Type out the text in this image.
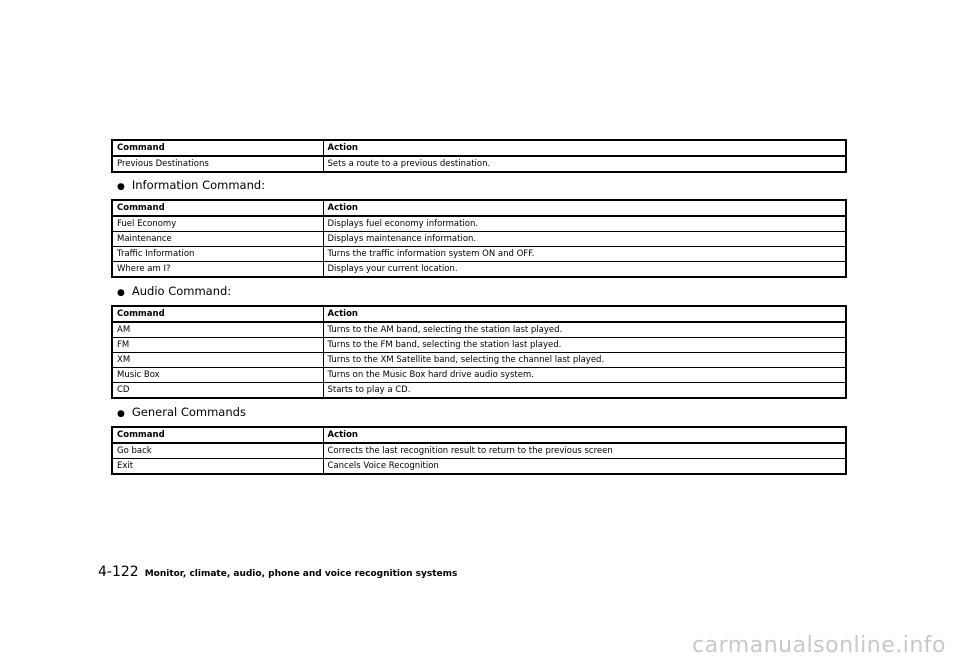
Command	Action
Previous Destinations	Sets a route to a previous destination.
● Information Command:
Command	Action
Fuel Economy	Displays fuel economy information.
Maintenance	Displays maintenance information.
Traffic Information	Turns the traffic information system ON and OFF.
Where am I?	Displays your current location.
● Audio Command:
Command	Action
AM	Turns to the AM band, selecting the station last played.
FM	Turns to the FM band, selecting the station last played.
XM	Turns to the XM Satellite band, selecting the channel last played.
Music Box	Turns on the Music Box hard drive audio system.
CD	Starts to play a CD.
● General Commands
Command	Action
Go back	Corrects the last recognition result to return to the previous screen
Exit	Cancels Voice Recognition
4-122 Monitor, climate, audio, phone and voice recognition systems
carmanualsonline.info
